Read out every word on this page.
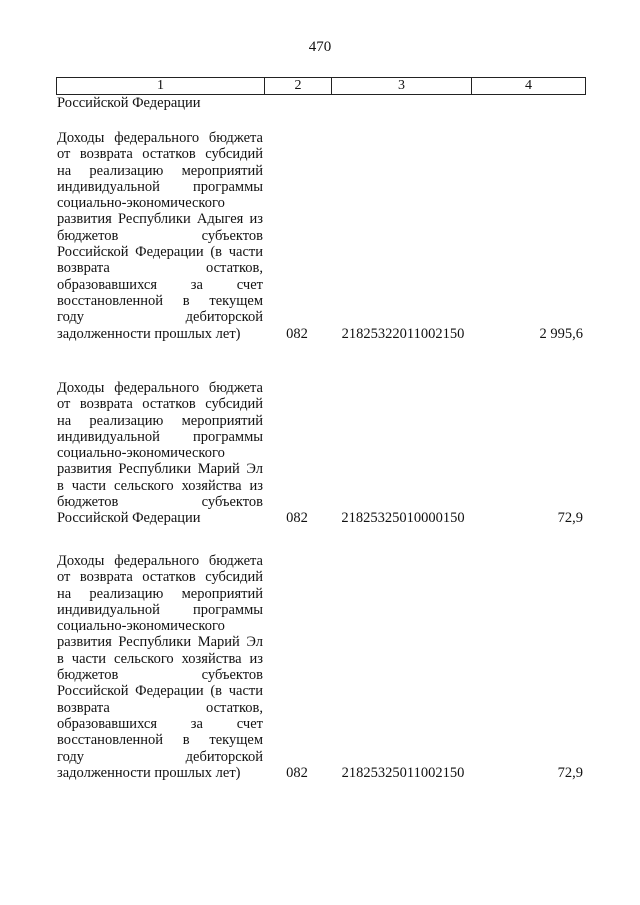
470
1	2	3	4
Российской Федерации
Доходы федерального бюджета
от возврата остатков субсидий
на реализацию мероприятий
индивидуальной программы
социально-экономического
развития Республики Адыгея из
бюджетов субъектов
Российской Федерации (в части
возврата остатков,
образовавшихся за счет
восстановленной в текущем
году дебиторской
задолженности прошлых лет)	082	21825322011002150	2 995,6
Доходы федерального бюджета
от возврата остатков субсидий
на реализацию мероприятий
индивидуальной программы
социально-экономического
развития Республики Марий Эл
в части сельского хозяйства из
бюджетов субъектов
Российской Федерации	082	21825325010000150	72,9
Доходы федерального бюджета
от возврата остатков субсидий
на реализацию мероприятий
индивидуальной программы
социально-экономического
развития Республики Марий Эл
в части сельского хозяйства из
бюджетов субъектов
Российской Федерации (в части
возврата остатков,
образовавшихся за счет
восстановленной в текущем
году дебиторской
задолженности прошлых лет)	082	21825325011002150	72,9
